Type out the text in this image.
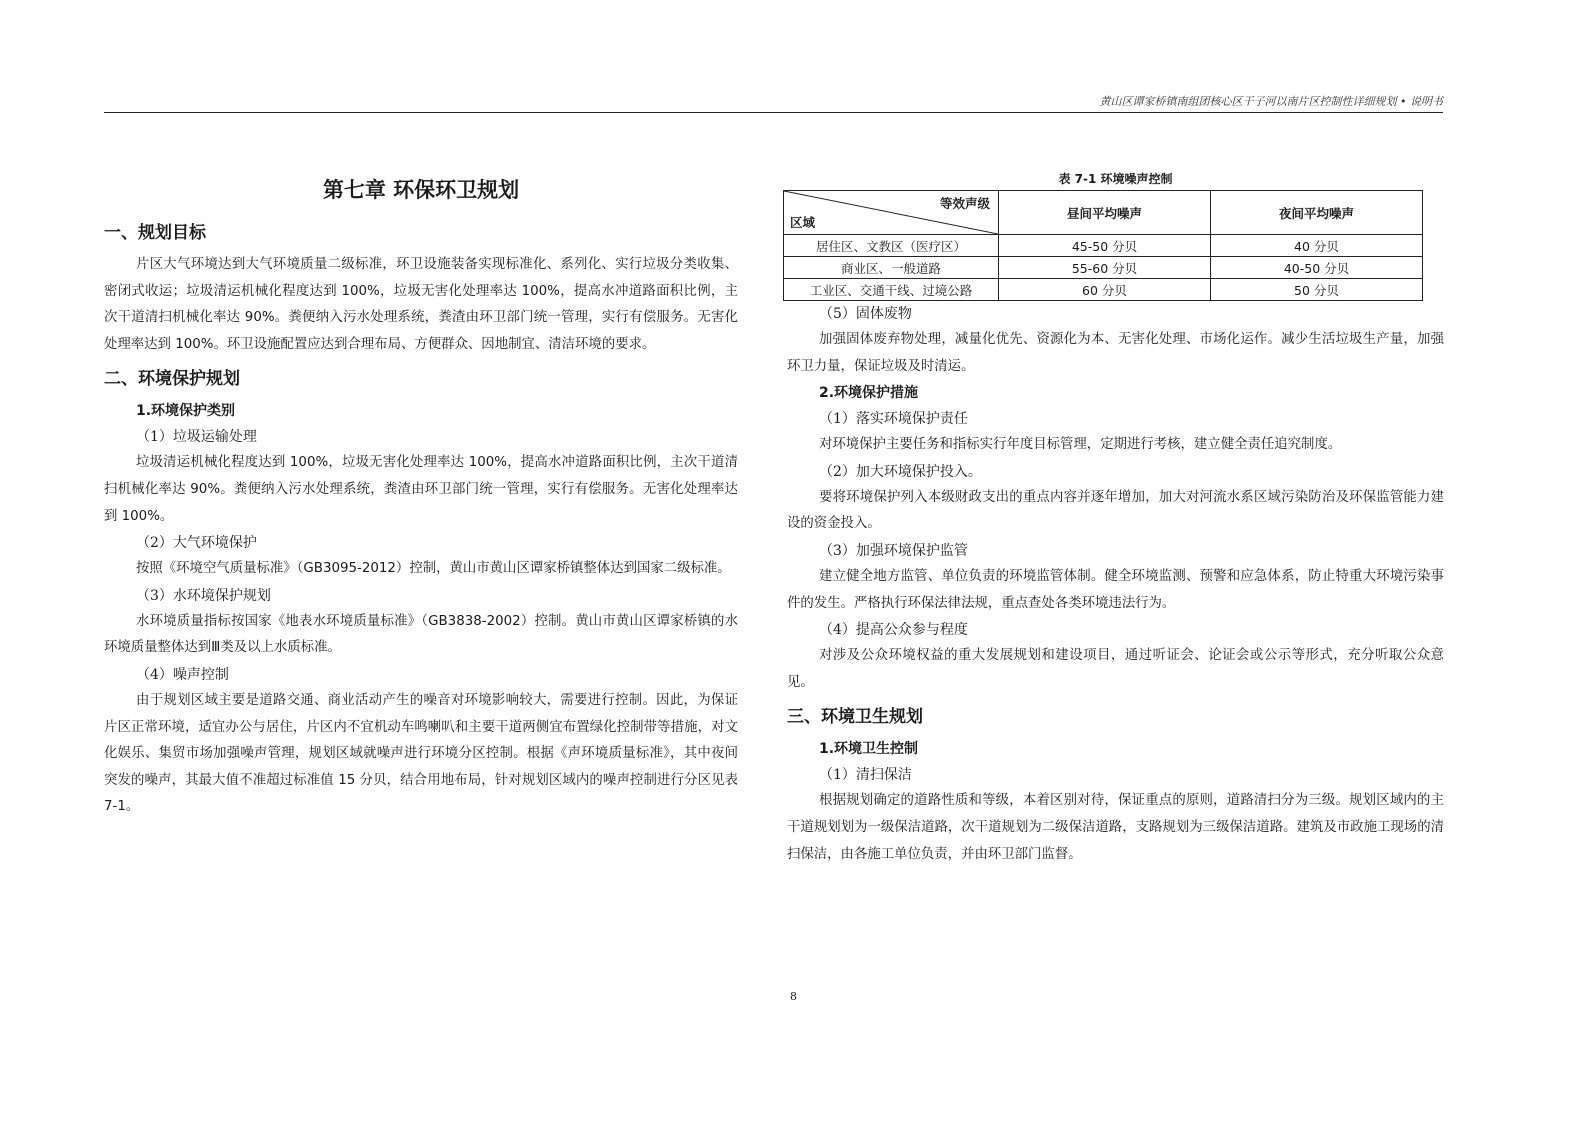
黄山区谭家桥镇南组团核心区干子河以南片区控制性详细规划 • 说明书
第七章 环保环卫规划
一、规划目标

片区大气环境达到大气环境质量二级标准，环卫设施装备实现标准化、系列化、实行垃圾分类收集、密闭式收运；垃圾清运机械化程度达到 100%，垃圾无害化处理率达 100%，提高水冲道路面积比例，主次干道清扫机械化率达 90%。粪便纳入污水处理系统，粪渣由环卫部门统一管理，实行有偿服务。无害化处理率达到 100%。环卫设施配置应达到合理布局、方便群众、因地制宜、清洁环境的要求。

二、环境保护规划
1.环境保护类别
（1）垃圾运输处理

垃圾清运机械化程度达到 100%，垃圾无害化处理率达 100%，提高水冲道路面积比例，主次干道清扫机械化率达 90%。粪便纳入污水处理系统，粪渣由环卫部门统一管理，实行有偿服务。无害化处理率达到 100%。

（2）大气环境保护

按照《环境空气质量标准》（GB3095-2012）控制，黄山市黄山区谭家桥镇整体达到国家二级标准。

（3）水环境保护规划

水环境质量指标按国家《地表水环境质量标准》（GB3838-2002）控制。黄山市黄山区谭家桥镇的水环境质量整体达到Ⅲ类及以上水质标准。

（4）噪声控制

由于规划区域主要是道路交通、商业活动产生的噪音对环境影响较大，需要进行控制。因此，为保证片区正常环境，适宜办公与居住，片区内不宜机动车鸣喇叭和主要干道两侧宜布置绿化控制带等措施，对文化娱乐、集贸市场加强噪声管理，规划区域就噪声进行环境分区控制。根据《声环境质量标准》，其中夜间突发的噪声，其最大值不准超过标准值 15 分贝，结合用地布局，针对规划区域内的噪声控制进行分区见表 7-1。

表 7-1 环境噪声控制
等效声级
区域	昼间平均噪声	夜间平均噪声
居住区、文教区（医疗区）	45-50 分贝	40 分贝
商业区、一般道路	55-60 分贝	40-50 分贝
工业区、交通干线、过境公路	60 分贝	50 分贝
（5）固体废物

加强固体废弃物处理，减量化优先、资源化为本、无害化处理、市场化运作。减少生活垃圾生产量，加强环卫力量，保证垃圾及时清运。

2.环境保护措施
（1）落实环境保护责任

对环境保护主要任务和指标实行年度目标管理，定期进行考核，建立健全责任追究制度。

（2）加大环境保护投入。

要将环境保护列入本级财政支出的重点内容并逐年增加，加大对河流水系区域污染防治及环保监管能力建设的资金投入。

（3）加强环境保护监管

建立健全地方监管、单位负责的环境监管体制。健全环境监测、预警和应急体系，防止特重大环境污染事件的发生。严格执行环保法律法规，重点查处各类环境违法行为。

（4）提高公众参与程度

对涉及公众环境权益的重大发展规划和建设项目，通过听证会、论证会或公示等形式，充分听取公众意见。

三、环境卫生规划
1.环境卫生控制
（1）清扫保洁

根据规划确定的道路性质和等级，本着区别对待，保证重点的原则，道路清扫分为三级。规划区域内的主干道规划划为一级保洁道路，次干道规划为二级保洁道路，支路规划为三级保洁道路。建筑及市政施工现场的清扫保洁，由各施工单位负责，并由环卫部门监督。

8
